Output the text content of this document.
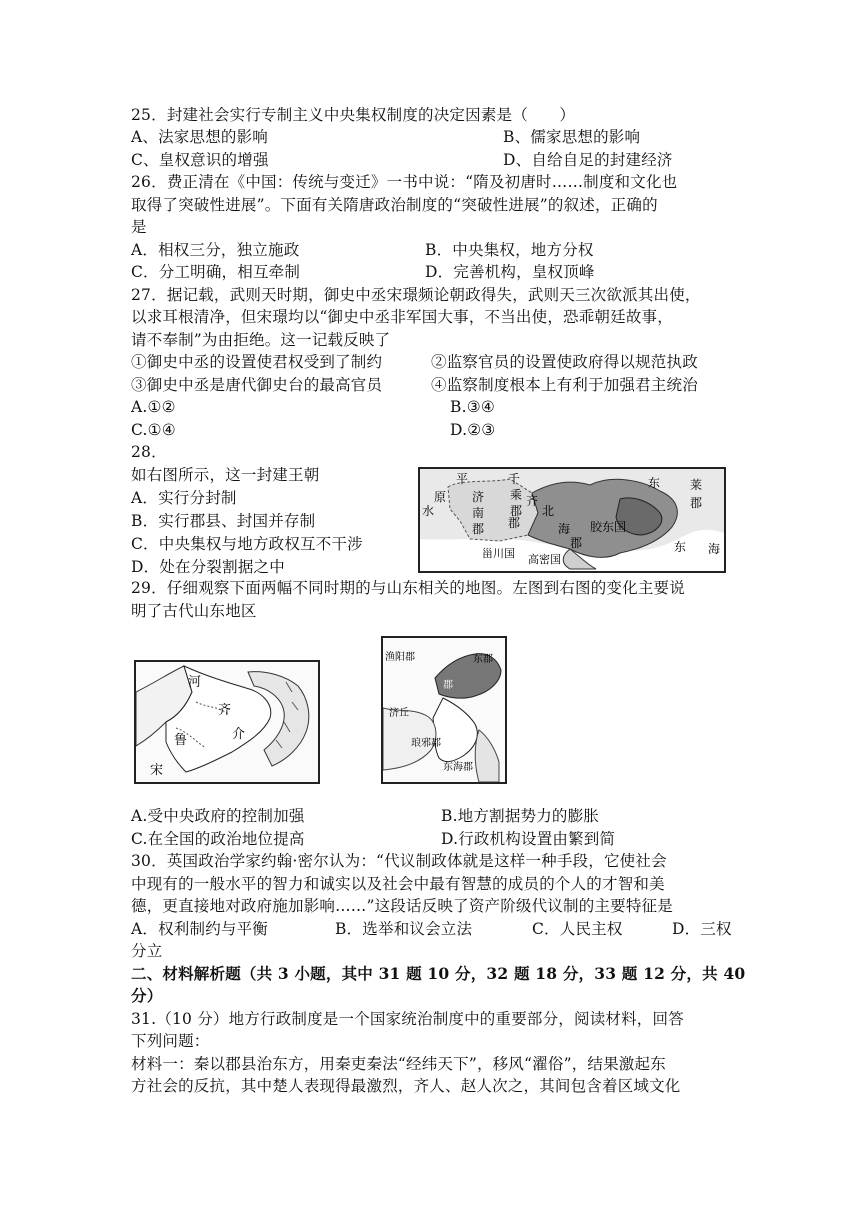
25．封建社会实行专制主义中央集权制度的决定因素是（　　）
A、法家思想的影响	B、儒家思想的影响
C、皇权意识的增强	D、自给自足的封建经济
26．费正清在《中国：传统与变迁》一书中说：“隋及初唐时……制度和文化也
取得了突破性进展”。下面有关隋唐政治制度的“突破性进展”的叙述，正确的
是
A．相权三分，独立施政	B．中央集权，地方分权
C．分工明确，相互牵制	D．完善机构，皇权顶峰
27．据记载，武则天时期，御史中丞宋璟频论朝政得失，武则天三次欲派其出使，
以求耳根清净，但宋璟均以“御史中丞非军国大事，不当出使，恐乖朝廷故事，
请不奉制”为由拒绝。这一记载反映了
①御史中丞的设置使君权受到了制约	②监察官员的设置使政府得以规范执政
③御史中丞是唐代御史台的最高官员	④监察制度根本上有利于加强君主统治
A.①②	B.③④
C.①④	D.②③
28．
如右图所示，这一封建王朝
A．实行分封制
B．实行郡县、封国并存制
C．中央集权与地方政权互不干涉
D．处在分裂割据之中
平	千
乘
郡
原 济
南
郡
齐
郡
北
海
郡
胶东国
东 莱
郡
水
甾川国 高密国
东 海
29．仔细观察下面两幅不同时期的与山东相关的地图。左图到右图的变化主要说
明了古代山东地区
河
齐
介
鲁
宋
渔阳郡	东郡
郡
济丘
琅邪郡
东海郡
A.受中央政府的控制加强	B.地方割据势力的膨胀
C.在全国的政治地位提高	D.行政机构设置由繁到简
30．英国政治学家约翰·密尔认为：“代议制政体就是这样一种手段，它使社会
中现有的一般水平的智力和诚实以及社会中最有智慧的成员的个人的才智和美
德，更直接地对政府施加影响……”这段话反映了资产阶级代议制的主要特征是
A．权利制约与平衡	B．选举和议会立法	C．人民主权	D．三权
分立
二、材料解析题（共 3 小题，其中 31 题 10 分，32 题 18 分，33 题 12 分，共 40
分）
31.（10 分）地方行政制度是一个国家统治制度中的重要部分，阅读材料，回答
下列问题：
材料一：秦以郡县治东方，用秦吏秦法“经纬天下”，移风“濯俗”，结果激起东
方社会的反抗，其中楚人表现得最激烈，齐人、赵人次之，其间包含着区域文化
